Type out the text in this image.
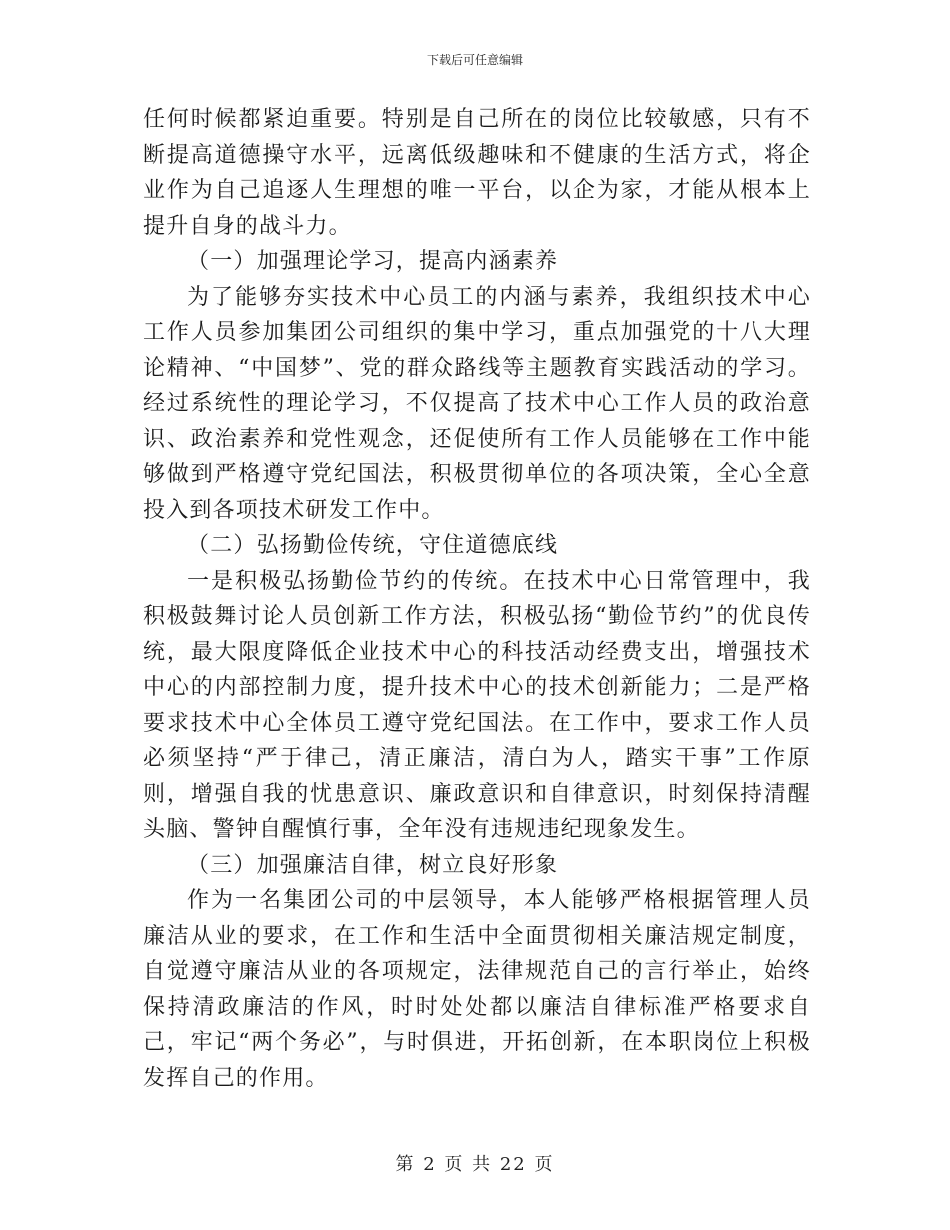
下载后可任意编辑

任何时候都紧迫重要。特别是自己所在的岗位比较敏感，只有不断提高道德操守水平，远离低级趣味和不健康的生活方式，将企业作为自己追逐人生理想的唯一平台，以企为家，才能从根本上提升自身的战斗力。

（一）加强理论学习，提高内涵素养

为了能够夯实技术中心员工的内涵与素养，我组织技术中心工作人员参加集团公司组织的集中学习，重点加强党的十八大理论精神、“中国梦”、党的群众路线等主题教育实践活动的学习。经过系统性的理论学习，不仅提高了技术中心工作人员的政治意识、政治素养和党性观念，还促使所有工作人员能够在工作中能够做到严格遵守党纪国法，积极贯彻单位的各项决策，全心全意投入到各项技术研发工作中。

（二）弘扬勤俭传统，守住道德底线

一是积极弘扬勤俭节约的传统。在技术中心日常管理中，我积极鼓舞讨论人员创新工作方法，积极弘扬“勤俭节约”的优良传统，最大限度降低企业技术中心的科技活动经费支出，增强技术中心的内部控制力度，提升技术中心的技术创新能力；二是严格要求技术中心全体员工遵守党纪国法。在工作中，要求工作人员必须坚持“严于律己，清正廉洁，清白为人，踏实干事”工作原则，增强自我的忧患意识、廉政意识和自律意识，时刻保持清醒头脑、警钟自醒慎行事，全年没有违规违纪现象发生。

（三）加强廉洁自律，树立良好形象

作为一名集团公司的中层领导，本人能够严格根据管理人员廉洁从业的要求，在工作和生活中全面贯彻相关廉洁规定制度，自觉遵守廉洁从业的各项规定，法律规范自己的言行举止，始终保持清政廉洁的作风，时时处处都以廉洁自律标准严格要求自己，牢记“两个务必”，与时俱进，开拓创新，在本职岗位上积极发挥自己的作用。

第 2 页 共 22 页
